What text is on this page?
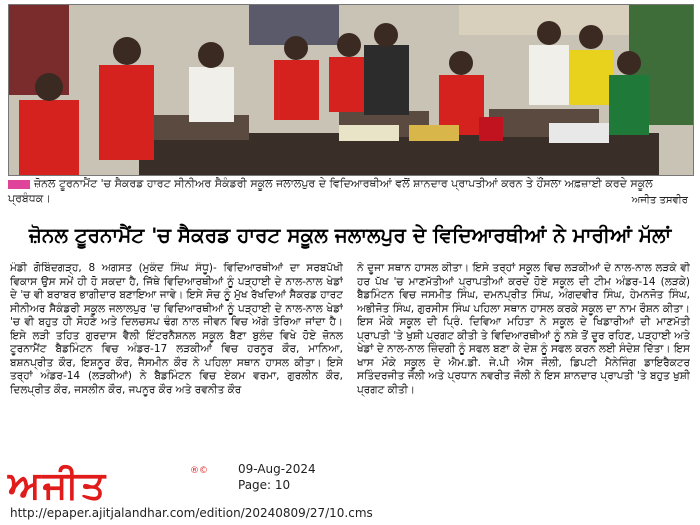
ਜ਼ੋਨਲ ਟੂਰਨਾਮੈਂਟ 'ਚ ਸੈਕਰਡ ਹਾਰਟ ਸੀਨੀਅਰ ਸੈਕੰਡਰੀ ਸਕੂਲ ਜਲਾਲਪੁਰ ਦੇ ਵਿਦਿਆਰਥੀਆਂ ਵਲੋਂ ਸ਼ਾਨਦਾਰ ਪ੍ਰਾਪਤੀਆਂ ਕਰਨ ਤੇ ਹੌਂਸਲਾ ਅਫ਼ਜ਼ਾਈ ਕਰਦੇ ਸਕੂਲ ਪ੍ਰਬੰਧਕ।	ਅਜੀਤ ਤਸਵੀਰ
ਜ਼ੋਨਲ ਟੂਰਨਾਮੈਂਟ 'ਚ ਸੈਕਰਡ ਹਾਰਟ ਸਕੂਲ ਜਲਾਲਪੁਰ ਦੇ ਵਿਦਿਆਰਥੀਆਂ ਨੇ ਮਾਰੀਆਂ ਮੱਲਾਂ
ਮੰਡੀ ਗੋਬਿੰਦਗੜ੍ਹ, 8 ਅਗਸਤ (ਮੁਕੰਦ ਸਿੰਘ ਸੰਧੂ)- ਵਿਦਿਆਰਥੀਆਂ ਦਾ ਸਰਬਪੱਖੀ ਵਿਕਾਸ ਉਸ ਸਮੇਂ ਹੀ ਹੋ ਸਕਦਾ ਹੈ, ਜਿੱਥੇ ਵਿਦਿਆਰਥੀਆਂ ਨੂੰ ਪੜ੍ਹਾਈ ਦੇ ਨਾਲ-ਨਾਲ ਖੇਡਾਂ ਦੇ 'ਚ ਵੀ ਬਰਾਬਰ ਭਾਗੀਦਾਰ ਬਣਾਇਆ ਜਾਵੇ। ਇਸੇ ਸੋਚ ਨੂੰ ਮੁੱਖ ਰੱਖਦਿਆਂ ਸੈਕਰਡ ਹਾਰਟ ਸੀਨੀਅਰ ਸੈਕੰਡਰੀ ਸਕੂਲ ਜਲਾਲਪੁਰ 'ਚ ਵਿਦਿਆਰਥੀਆਂ ਨੂੰ ਪੜ੍ਹਾਈ ਦੇ ਨਾਲ-ਨਾਲ ਖੇਡਾਂ 'ਚ ਵੀ ਬਹੁਤ ਹੀ ਸੋਹਣੇ ਅਤੇ ਦਿਲਚਸਪ ਢੰਗ ਨਾਲ ਜੀਵਨ ਵਿਚ ਅੱਗੇ ਤੋਰਿਆ ਜਾਂਦਾ ਹੈ। ਇਸੇ ਲੜੀ ਤਹਿਤ ਗੁਰਦਾਸ ਵੈਲੀ ਇੰਟਰਨੈਸ਼ਨਲ ਸਕੂਲ ਬੈਣਾ ਬੁਲੰਦ ਵਿਖੇ ਹੋਏ ਜ਼ੋਨਲ ਟੂਰਨਾਮੈਂਟ ਬੈਡਮਿੰਟਨ ਵਿਚ ਅੰਡਰ-17 ਲੜਕੀਆਂ ਵਿਚ ਹਰਨੂਰ ਕੌਰ, ਮਾਨਿਆ, ਬਸ਼ਨਪ੍ਰੀਤ ਕੌਰ, ਇਸ਼ਨੂਰ ਕੌਰ, ਜੈਸਮੀਨ ਕੌਰ ਨੇ ਪਹਿਲਾ ਸਥਾਨ ਹਾਸਲ ਕੀਤਾ। ਇਸੇ ਤਰ੍ਹਾਂ ਅੰਡਰ-14 (ਲੜਕੀਆਂ) ਨੇ ਬੈਡਮਿੰਟਨ ਵਿਚ ਏਕਮ ਵਰਮਾ, ਗੁਰਲੀਨ ਕੌਰ, ਦਿਲਪ੍ਰੀਤ ਕੌਰ, ਜਸਲੀਨ ਕੌਰ, ਜਪਨੂਰ ਕੌਰ ਅਤੇ ਰਵਨੀਤ ਕੌਰ
ਨੇ ਦੂਜਾ ਸਥਾਨ ਹਾਸਲ ਕੀਤਾ। ਇਸੇ ਤਰ੍ਹਾਂ ਸਕੂਲ ਵਿਚ ਲੜਕੀਆਂ ਦੇ ਨਾਲ-ਨਾਲ ਲੜਕੇ ਵੀ ਹਰ ਪੱਖ 'ਚ ਮਾਣਮੱਤੀਆਂ ਪ੍ਰਾਪਤੀਆਂ ਕਰਦੇ ਹੋਏ ਸਕੂਲ ਦੀ ਟੀਮ ਅੰਡਰ-14 (ਲੜਕੇ) ਬੈਡਮਿੰਟਨ ਵਿਚ ਜਸਮੀਤ ਸਿੰਘ, ਦਮਨਪ੍ਰੀਤ ਸਿੰਘ, ਅੰਗਦਵੀਰ ਸਿੰਘ, ਹੇਮਨਜੋਤ ਸਿੰਘ, ਅਭੀਜੋਤ ਸਿੰਘ, ਗੁਰਸੀਸ ਸਿੰਘ ਪਹਿਲਾ ਸਥਾਨ ਹਾਸਲ ਕਰਕੇ ਸਕੂਲ ਦਾ ਨਾਮ ਰੌਸ਼ਨ ਕੀਤਾ। ਇਸ ਮੌਕੇ ਸਕੂਲ ਦੀ ਪ੍ਰਿੰ. ਦਿਵਿਆ ਮਹਿਤਾ ਨੇ ਸਕੂਲ ਦੇ ਖਿਡਾਰੀਆਂ ਦੀ ਮਾਣਮੱਤੀ ਪ੍ਰਾਪਤੀ 'ਤੇ ਖੁਸ਼ੀ ਪ੍ਰਗਟ ਕੀਤੀ ਤੇ ਵਿਦਿਆਰਥੀਆਂ ਨੂੰ ਨਸ਼ੇ ਤੋਂ ਦੂਰ ਰਹਿਣ, ਪੜ੍ਹਾਈ ਅਤੇ ਖੇਡਾਂ ਦੇ ਨਾਲ-ਨਾਲ ਜ਼ਿੰਦਗੀ ਨੂੰ ਸਫਲ ਬਣਾ ਕੇ ਦੇਸ਼ ਨੂੰ ਸਫਲ ਕਰਨ ਲਈ ਸੰਦੇਸ਼ ਦਿੱਤਾ। ਇਸ ਖਾਸ ਮੌਕੇ ਸਕੂਲ ਦੇ ਐਮ.ਡੀ. ਜੇ.ਪੀ ਐਸ ਜੌਲੀ, ਡਿਪਟੀ ਮੈਨੇਜਿੰਗ ਡਾਇਰੈਕਟਰ ਸਤਿੰਦਰਜੀਤ ਜੌਲੀ ਅਤੇ ਪ੍ਰਧਾਨ ਨਵਰੀਤ ਜੌਲੀ ਨੇ ਇਸ ਸ਼ਾਨਦਾਰ ਪ੍ਰਾਪਤੀ 'ਤੇ ਬਹੁਤ ਖੁਸ਼ੀ ਪ੍ਰਗਟ ਕੀਤੀ।
ਅਜੀਤ	®©	09-Aug-2024
Page: 10
http://epaper.ajitjalandhar.com/edition/20240809/27/10.cms
